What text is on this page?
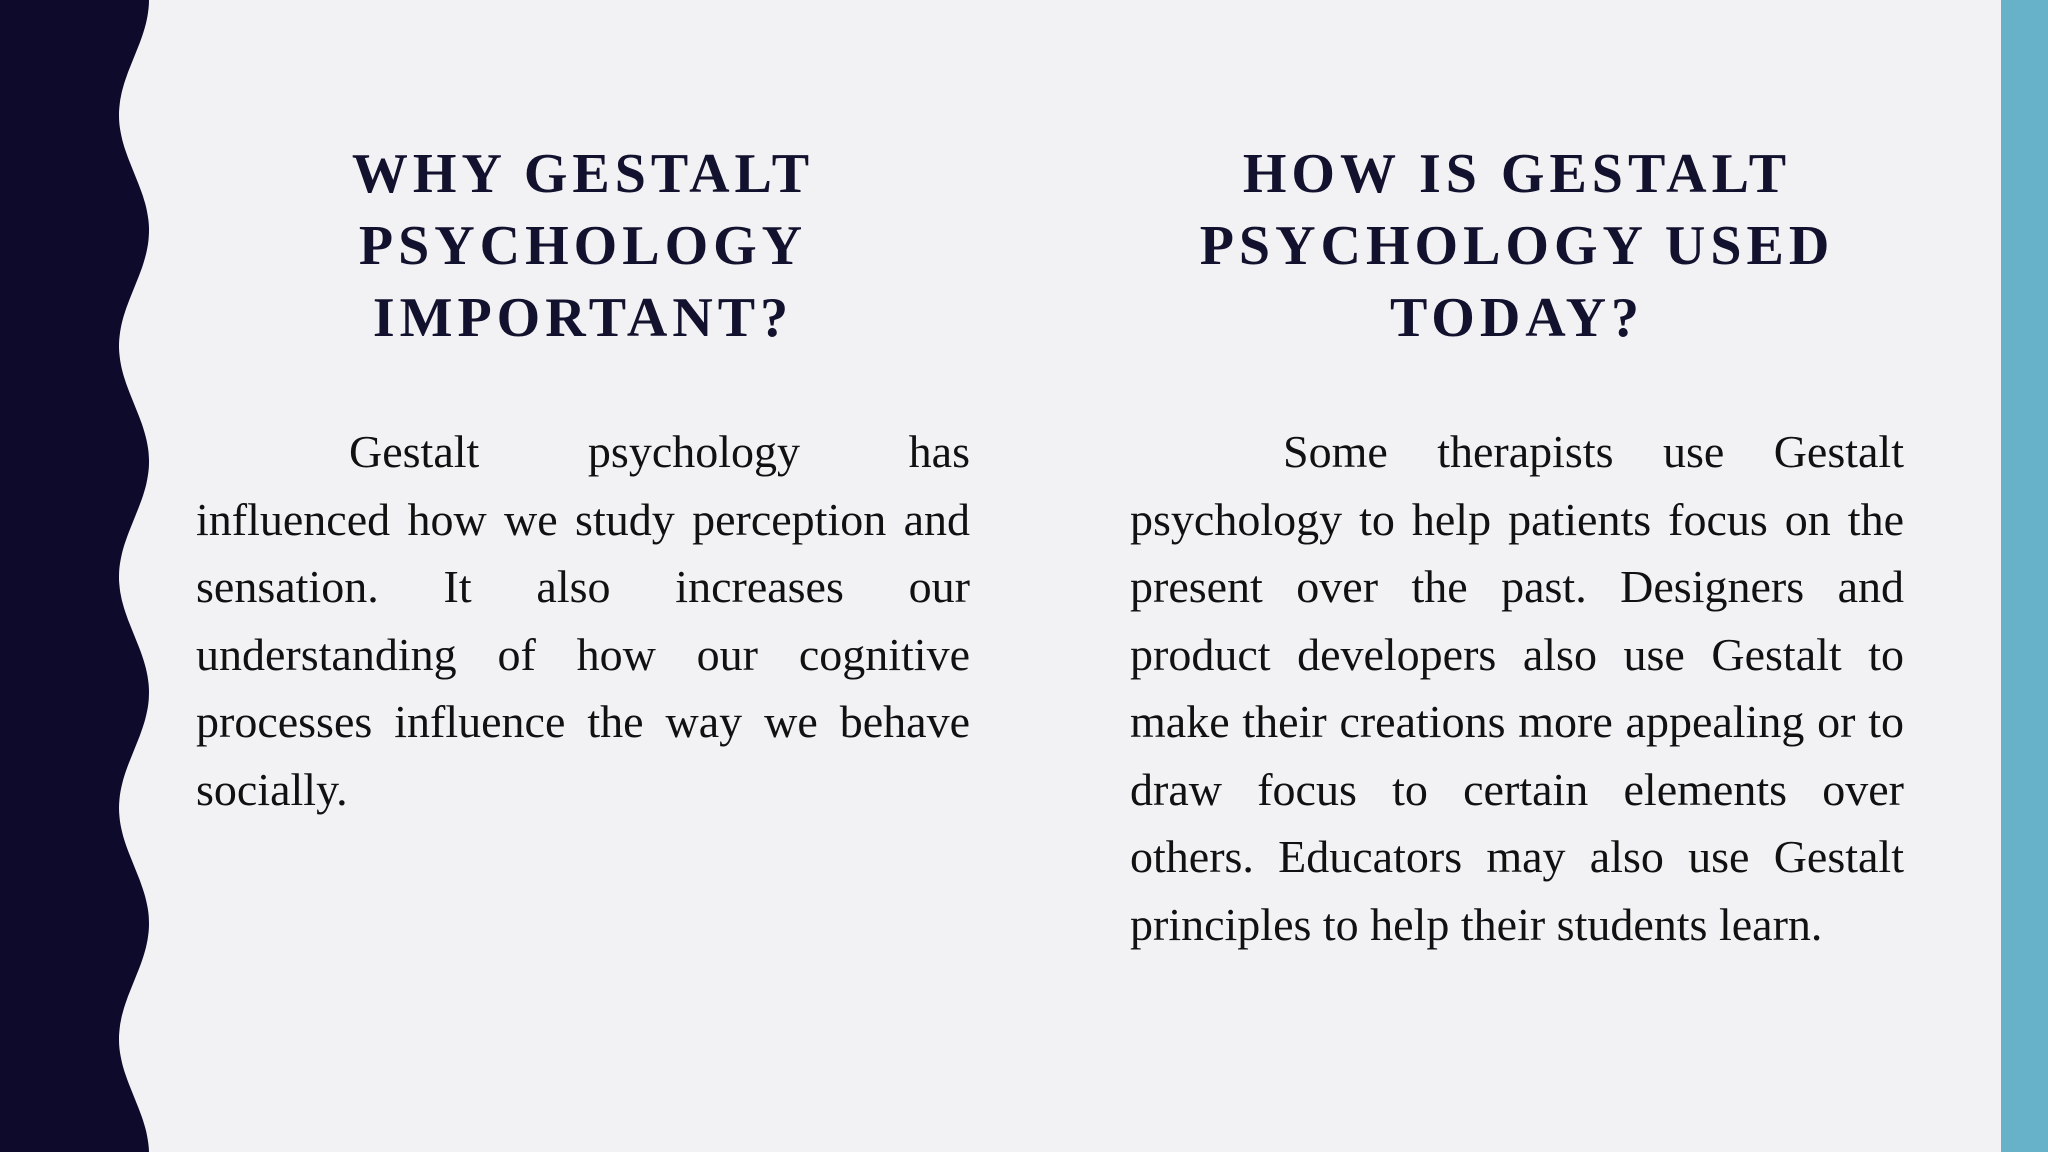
WHY GESTALT
PSYCHOLOGY
IMPORTANT?

Gestalt psychology has influenced how we study perception and sensation. It also increases our understanding of how our cognitive processes influence the way we behave socially.

HOW IS GESTALT
PSYCHOLOGY USED
TODAY?

Some therapists use Gestalt psychology to help patients focus on the present over the past. Designers and product developers also use Gestalt to make their creations more appealing or to draw focus to certain elements over others. Educators may also use Gestalt principles to help their students learn.
